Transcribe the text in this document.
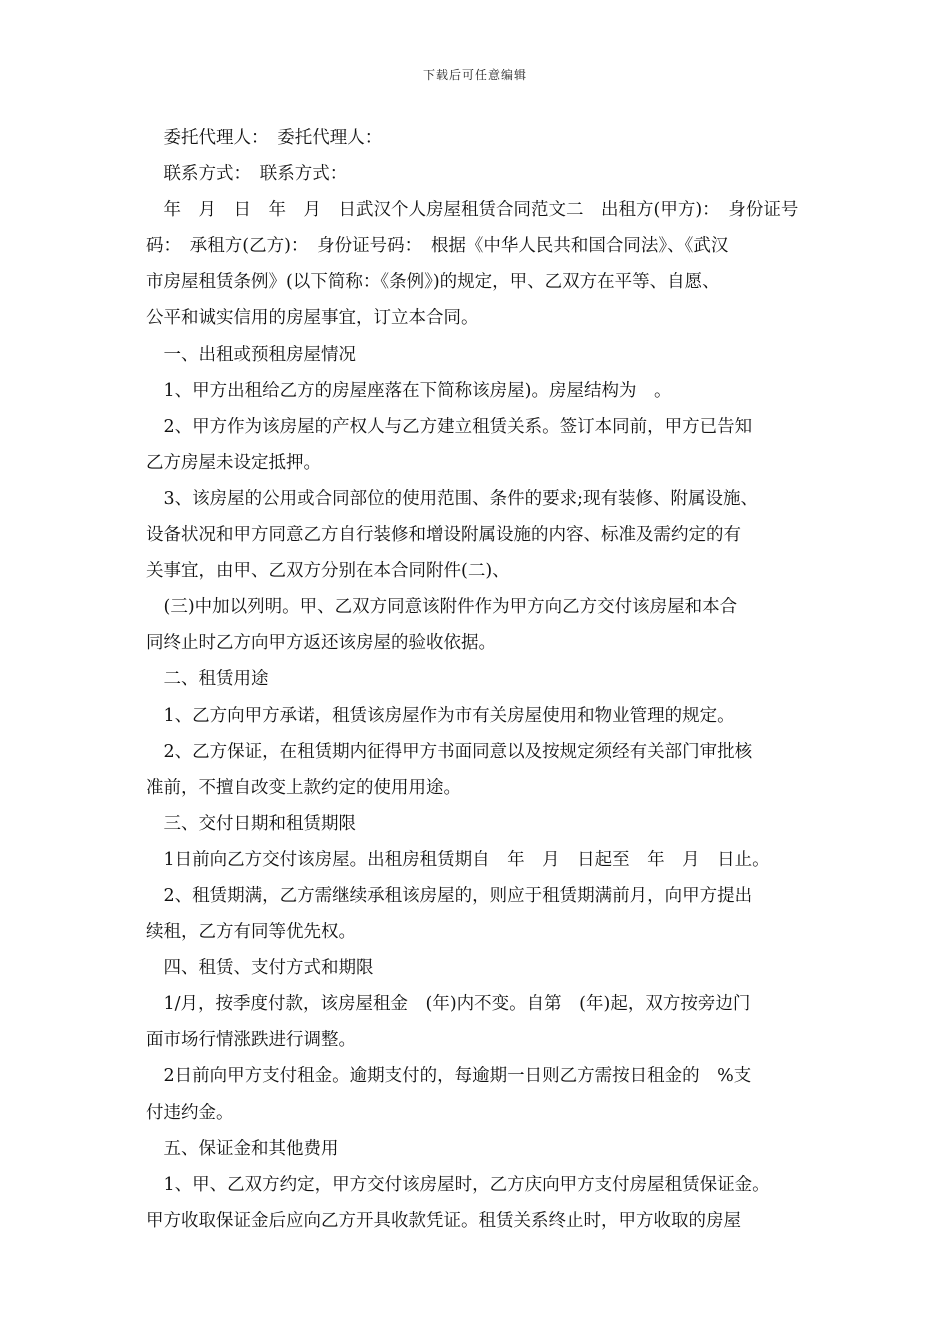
下载后可任意编辑
　委托代理人：　委托代理人：
　联系方式：　联系方式：
　年　月　日　年　月　日武汉个人房屋租赁合同范文二　出租方(甲方)：　身份证号
码：　承租方(乙方)：　身份证号码：　根据《中华人民共和国合同法》、《武汉
市房屋租赁条例》(以下简称：《条例》)的规定，甲、乙双方在平等、自愿、
公平和诚实信用的房屋事宜，订立本合同。
　一、出租或预租房屋情况
　1、甲方出租给乙方的房屋座落在下简称该房屋)。房屋结构为　。
　2、甲方作为该房屋的产权人与乙方建立租赁关系。签订本同前，甲方已告知
乙方房屋未设定抵押。
　3、该房屋的公用或合同部位的使用范围、条件的要求;现有装修、附属设施、
设备状况和甲方同意乙方自行装修和增设附属设施的内容、标准及需约定的有
关事宜，由甲、乙双方分别在本合同附件(二)、
　(三)中加以列明。甲、乙双方同意该附件作为甲方向乙方交付该房屋和本合
同终止时乙方向甲方返还该房屋的验收依据。
　二、租赁用途
　1、乙方向甲方承诺，租赁该房屋作为市有关房屋使用和物业管理的规定。
　2、乙方保证，在租赁期内征得甲方书面同意以及按规定须经有关部门审批核
准前，不擅自改变上款约定的使用用途。
　三、交付日期和租赁期限
　1日前向乙方交付该房屋。出租房租赁期自　年　月　日起至　年　月　日止。
　2、租赁期满，乙方需继续承租该房屋的，则应于租赁期满前月，向甲方提出
续租，乙方有同等优先权。
　四、租赁、支付方式和期限
　1/月，按季度付款，该房屋租金　(年)内不变。自第　(年)起，双方按旁边门
面市场行情涨跌进行调整。
　2日前向甲方支付租金。逾期支付的，每逾期一日则乙方需按日租金的　%支
付违约金。
　五、保证金和其他费用
　1、甲、乙双方约定，甲方交付该房屋时，乙方庆向甲方支付房屋租赁保证金。
甲方收取保证金后应向乙方开具收款凭证。租赁关系终止时，甲方收取的房屋
